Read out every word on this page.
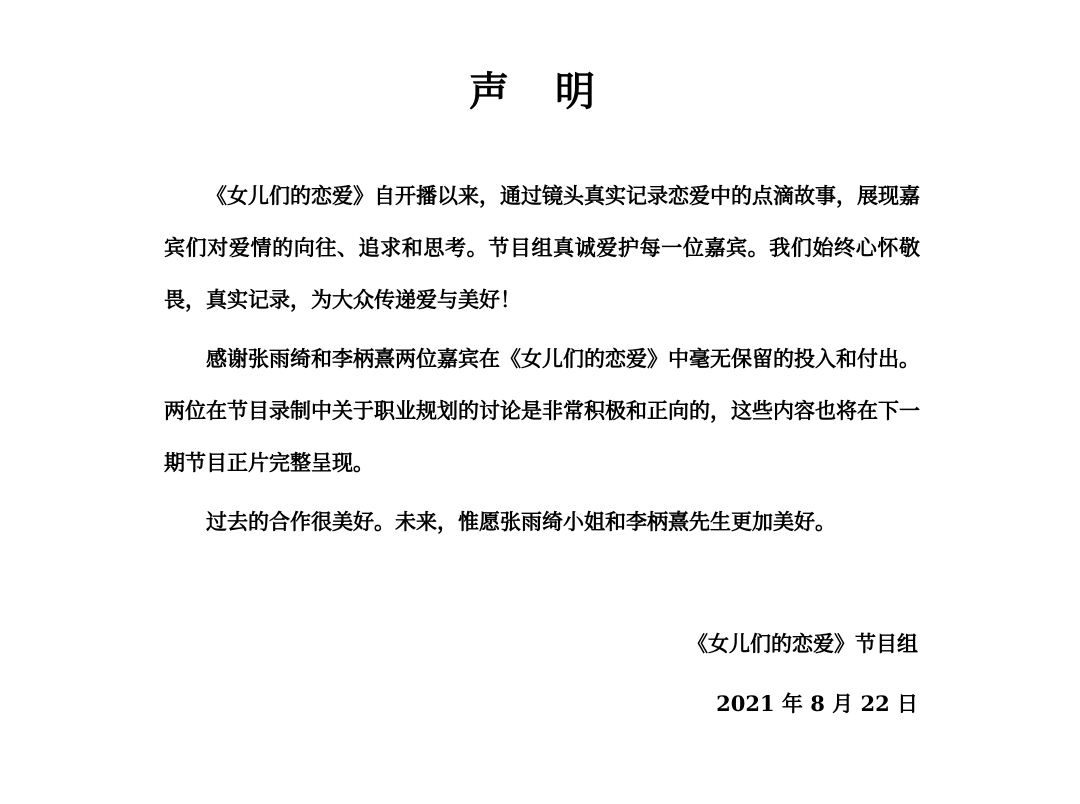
声 明

《女儿们的恋爱》自开播以来，通过镜头真实记录恋爱中的点滴故事，展现嘉宾们对爱情的向往、追求和思考。节目组真诚爱护每一位嘉宾。我们始终心怀敬畏，真实记录，为大众传递爱与美好！

感谢张雨绮和李柄熹两位嘉宾在《女儿们的恋爱》中毫无保留的投入和付出。两位在节目录制中关于职业规划的讨论是非常积极和正向的，这些内容也将在下一期节目正片完整呈现。

过去的合作很美好。未来，惟愿张雨绮小姐和李柄熹先生更加美好。

《女儿们的恋爱》节目组
2021 年 8 月 22 日
